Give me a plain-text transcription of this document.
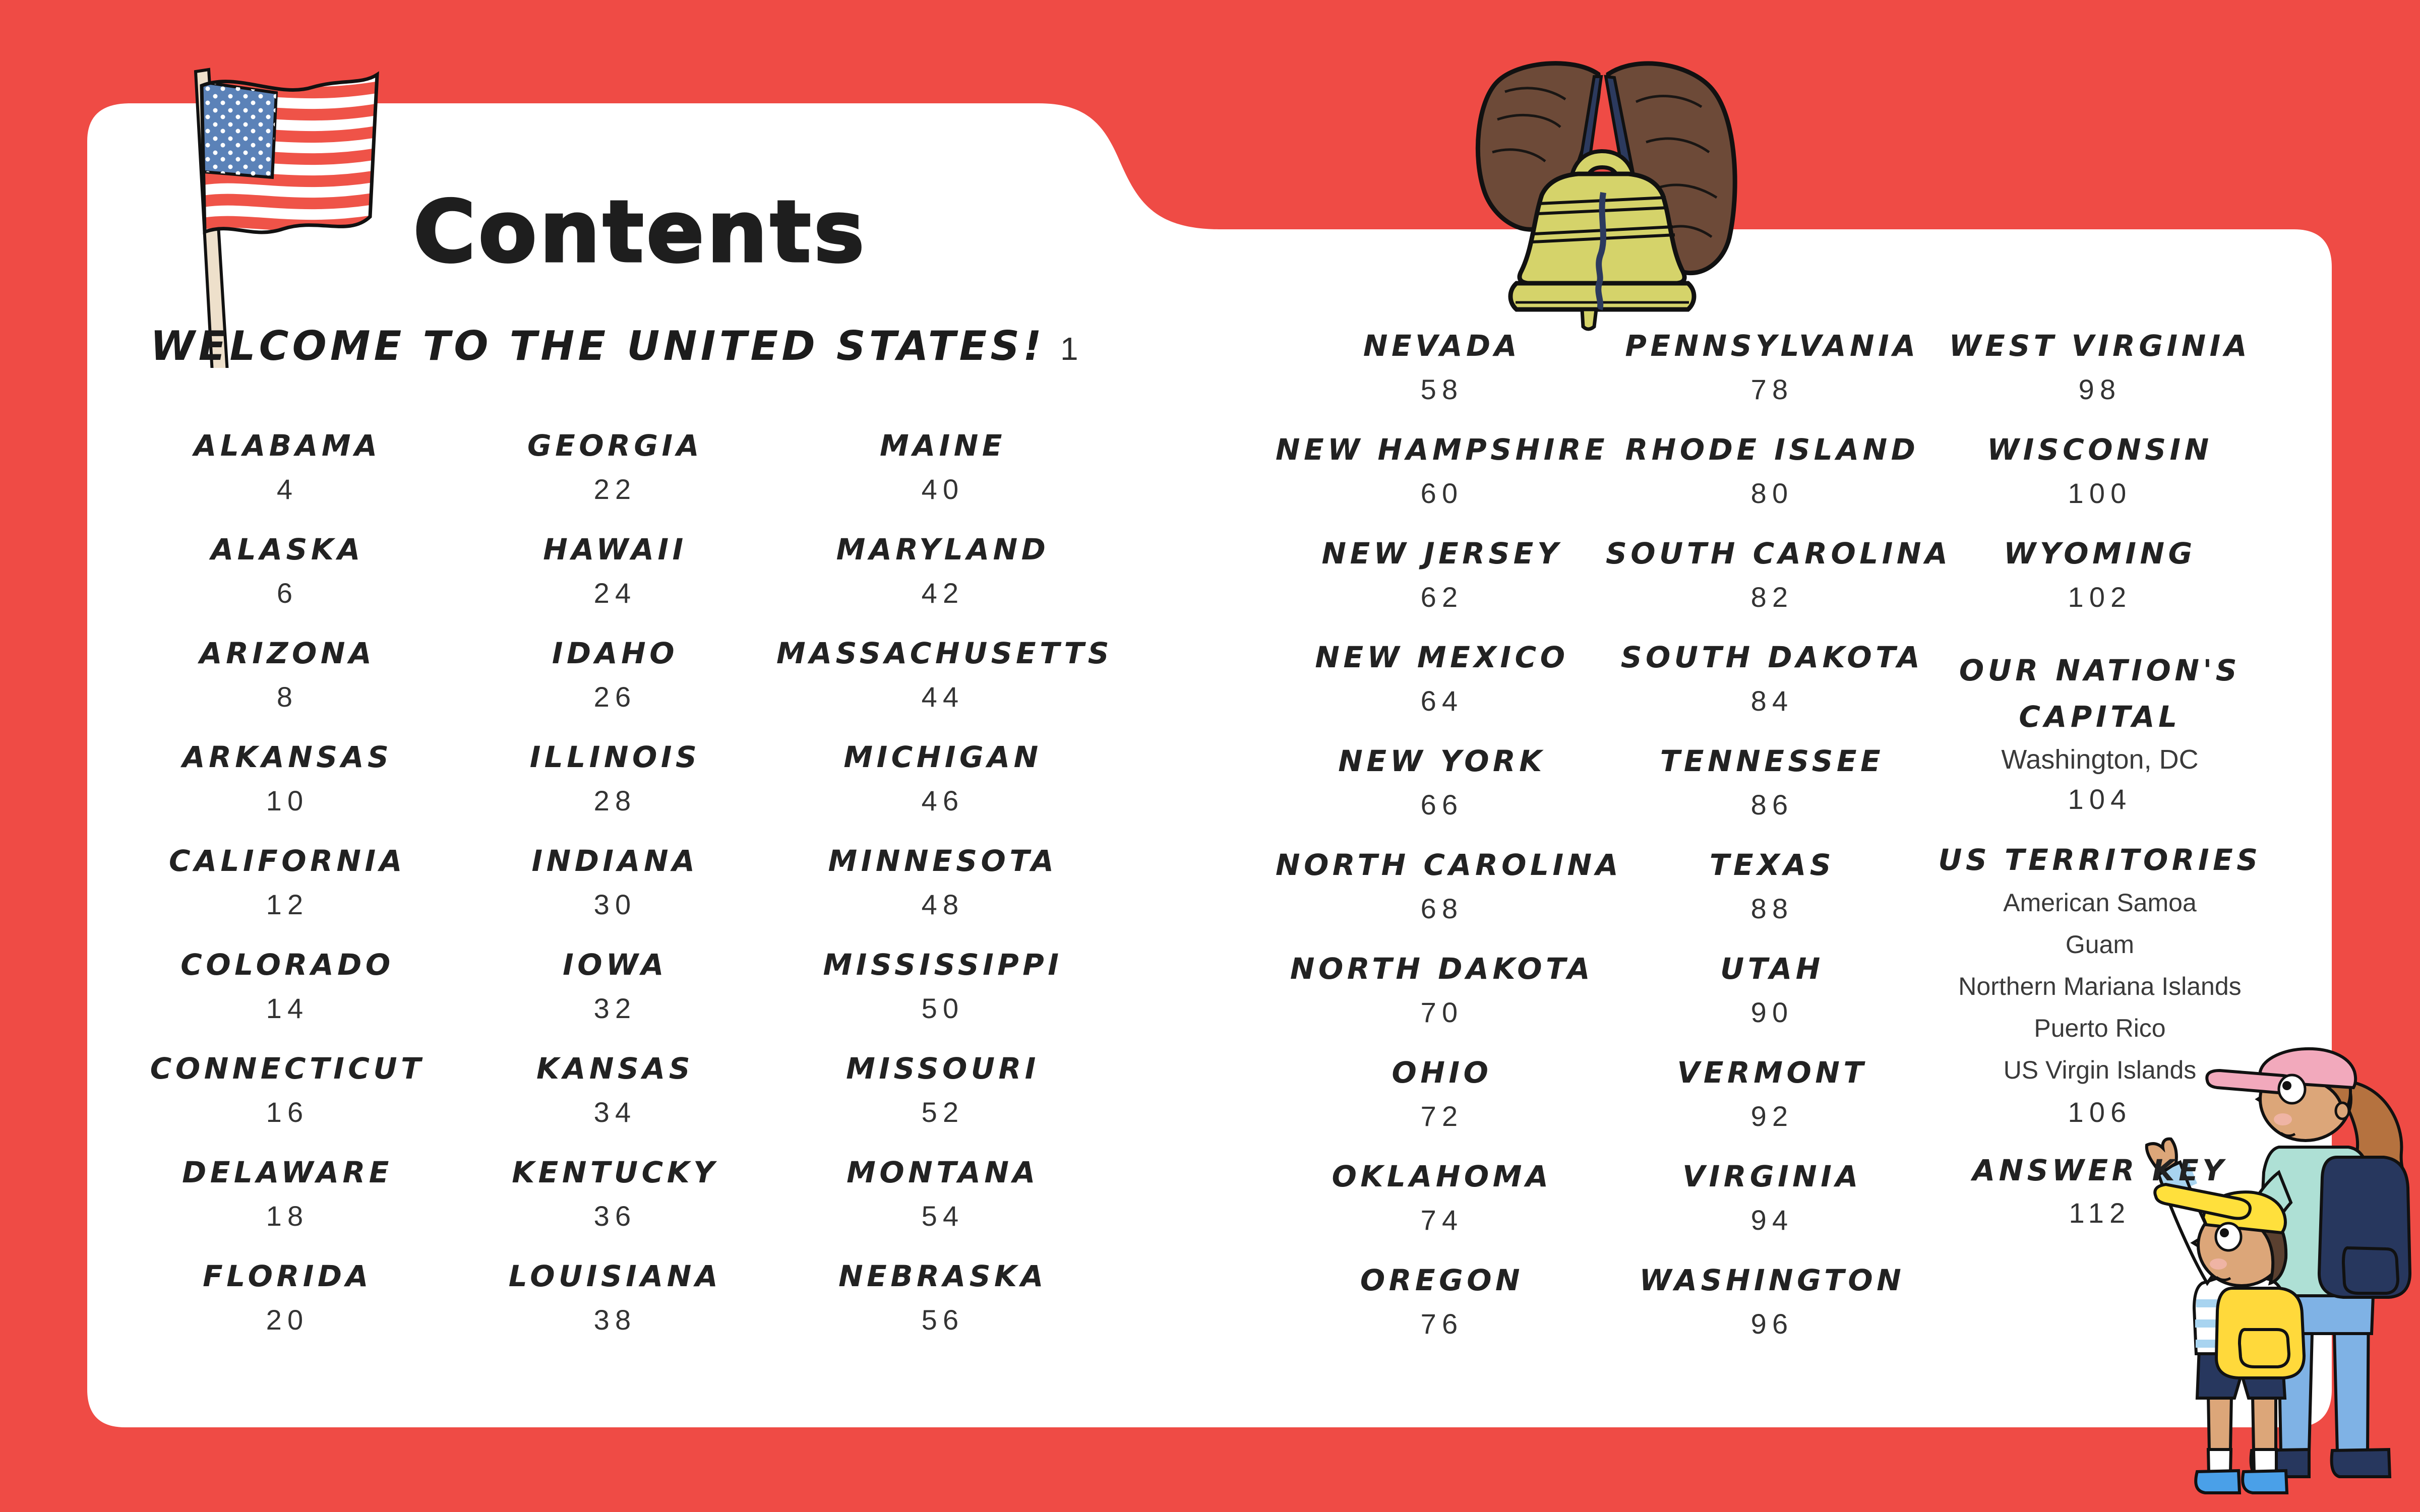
Contents
WELCOME TO THE UNITED STATES! 1
ALABAMA
4
ALASKA
6
ARIZONA
8
ARKANSAS
10
CALIFORNIA
12
COLORADO
14
CONNECTICUT
16
DELAWARE
18
FLORIDA
20
GEORGIA
22
HAWAII
24
IDAHO
26
ILLINOIS
28
INDIANA
30
IOWA
32
KANSAS
34
KENTUCKY
36
LOUISIANA
38
MAINE
40
MARYLAND
42
MASSACHUSETTS
44
MICHIGAN
46
MINNESOTA
48
MISSISSIPPI
50
MISSOURI
52
MONTANA
54
NEBRASKA
56
NEVADA
58
NEW HAMPSHIRE
60
NEW JERSEY
62
NEW MEXICO
64
NEW YORK
66
NORTH CAROLINA
68
NORTH DAKOTA
70
OHIO
72
OKLAHOMA
74
OREGON
76
PENNSYLVANIA
78
RHODE ISLAND
80
SOUTH CAROLINA
82
SOUTH DAKOTA
84
TENNESSEE
86
TEXAS
88
UTAH
90
VERMONT
92
VIRGINIA
94
WASHINGTON
96
WEST VIRGINIA
98
WISCONSIN
100
WYOMING
102
OUR NATION'S
CAPITAL
Washington, DC
104
US TERRITORIES
American Samoa
Guam
Northern Mariana Islands
Puerto Rico
US Virgin Islands
106
ANSWER KEY
112
